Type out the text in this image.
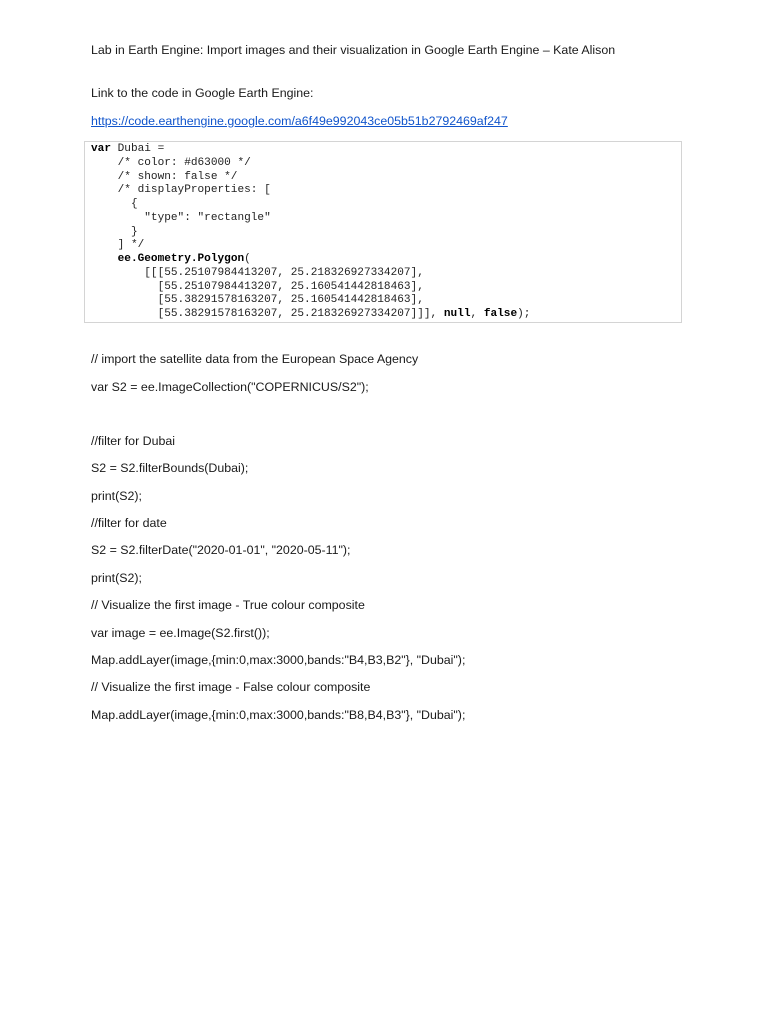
Lab in Earth Engine: Import images and their visualization in Google Earth Engine – Kate Alison
Link to the code in Google Earth Engine:
https://code.earthengine.google.com/a6f49e992043ce05b51b2792469af247
var Dubai =
/* color: #d63000 */
/* shown: false */
/* displayProperties: [
{
"type": "rectangle"
}
] */
ee.Geometry.Polygon(
[[[55.25107984413207, 25.218326927334207],
[55.25107984413207, 25.160541442818463],
[55.38291578163207, 25.160541442818463],
[55.38291578163207, 25.218326927334207]]], null, false);
// import the satellite data from the European Space Agency
var S2 = ee.ImageCollection("COPERNICUS/S2");
//filter for Dubai
S2 = S2.filterBounds(Dubai);
print(S2);
//filter for date
S2 = S2.filterDate("2020-01-01", "2020-05-11");
print(S2);
// Visualize the first image - True colour composite
var image = ee.Image(S2.first());
Map.addLayer(image,{min:0,max:3000,bands:"B4,B3,B2"}, "Dubai");
// Visualize the first image - False colour composite
Map.addLayer(image,{min:0,max:3000,bands:"B8,B4,B3"}, "Dubai");
